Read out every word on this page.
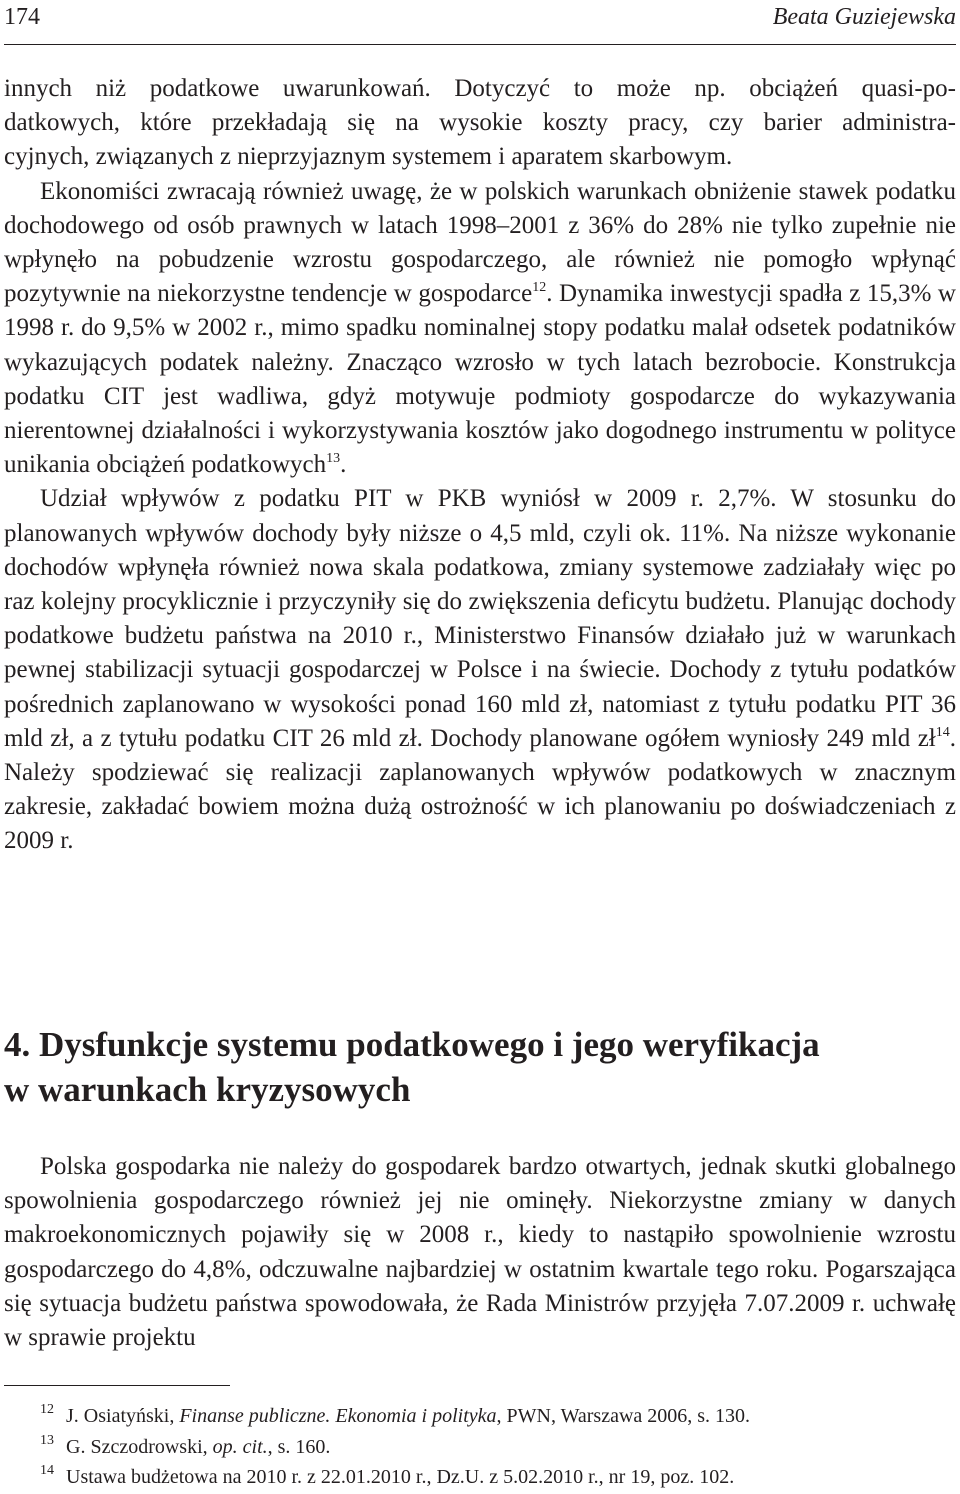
174	Beata Guziejewska
innych niż podatkowe uwarunkowań. Dotyczyć to może np. obciążeń quasi-po-
datkowych, które przekładają się na wysokie koszty pracy, czy barier administra-
cyjnych, związanych z nieprzyjaznym systemem i aparatem skarbowym.

Ekonomiści zwracają również uwagę, że w polskich warunkach obniżenie stawek podatku dochodowego od osób prawnych w latach 1998–2001 z 36% do 28% nie tylko zupełnie nie wpłynęło na pobudzenie wzrostu gospodarczego, ale również nie pomogło wpłynąć pozytywnie na niekorzystne tendencje w gospodarce$^{12}$. Dynamika inwestycji spadła z 15,3% w 1998 r. do 9,5% w 2002 r., mimo spadku nominalnej stopy podatku malał odsetek podatników wykazujących podatek należny. Znacząco wzrosło w tych latach bezrobocie. Konstrukcja podatku CIT jest wadliwa, gdyż motywuje podmioty gospodarcze do wykazywania nierentownej działalności i wykorzystywania kosztów jako dogodnego instrumentu w polityce unikania obciążeń podatkowych$^{13}$.

Udział wpływów z podatku PIT w PKB wyniósł w 2009 r. 2,7%. W stosunku do planowanych wpływów dochody były niższe o 4,5 mld, czyli ok. 11%. Na niższe wykonanie dochodów wpłynęła również nowa skala podatkowa, zmiany systemowe zadziałały więc po raz kolejny procyklicznie i przyczyniły się do zwiększenia deficytu budżetu. Planując dochody podatkowe budżetu państwa na 2010 r., Ministerstwo Finansów działało już w warunkach pewnej stabilizacji sytuacji gospodarczej w Polsce i na świecie. Dochody z tytułu podatków pośrednich zaplanowano w wysokości ponad 160 mld zł, natomiast z tytułu podatku PIT 36 mld zł, a z tytułu podatku CIT 26 mld zł. Dochody planowane ogółem wyniosły 249 mld $zł^{14}$. Należy spodziewać się realizacji zaplanowanych wpływów podatkowych w znacznym zakresie, zakładać bowiem można dużą ostrożność w ich planowaniu po doświadczeniach z 2009 r.

4. Dysfunkcje systemu podatkowego i jego weryfikacja
w warunkach kryzysowych

Polska gospodarka nie należy do gospodarek bardzo otwartych, jednak skutki globalnego spowolnienia gospodarczego również jej nie ominęły. Niekorzystne zmiany w danych makroekonomicznych pojawiły się w 2008 r., kiedy to nastąpiło spowolnienie wzrostu gospodarczego do 4,8%, odczuwalne najbardziej w ostatnim kwartale tego roku. Pogarszająca się sytuacja budżetu państwa spowodowała, że Rada Ministrów przyjęła 7.07.2009 r. uchwałę w sprawie projektu

12 J. Osiatyński, Finanse publiczne. Ekonomia i polityka, PWN, Warszawa 2006, s. 130.
13 G. Szczodrowski, op. cit., s. 160.
14 Ustawa budżetowa na 2010 r. z 22.01.2010 r., Dz.U. z 5.02.2010 r., nr 19, poz. 102.
